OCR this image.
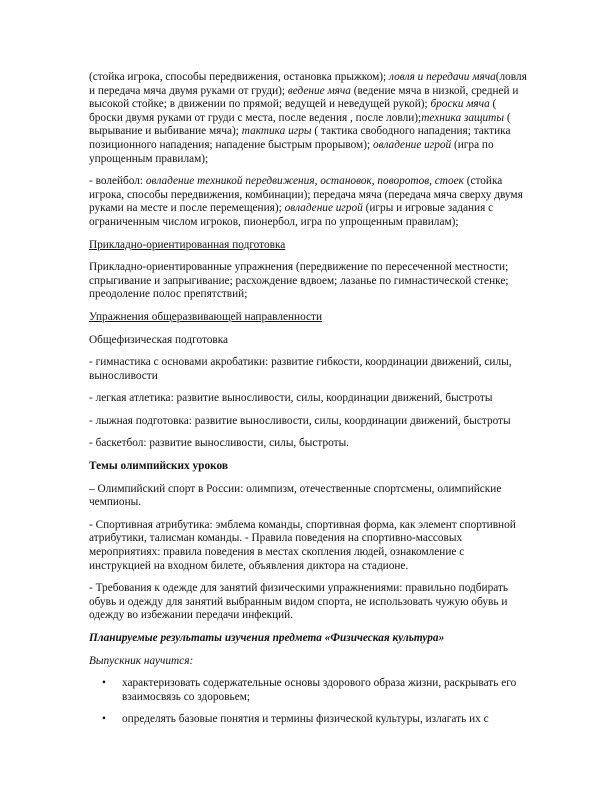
(стойка игрока, способы передвижения, остановка прыжком); ловля и передачи мяча(ловля и передача мяча двумя руками от груди); ведение мяча (ведение мяча в низкой, средней и высокой стойке; в движении по прямой; ведущей и неведущей рукой); броски мяча ( броски двумя руками от груди с места, после ведения , после ловли);техника защиты ( вырывание и выбивание мяча); тактика игры ( тактика свободного нападения; тактика позиционного нападения; нападение быстрым прорывом); овладение игрой (игра по упрощенным правилам);

- волейбол: овладение техникой передвижения, остановок, поворотов, стоек (стойка игрока, способы передвижения, комбинации); передача мяча (передача мяча сверху двумя руками на месте и после перемещения); овладение игрой (игры и игровые задания с ограниченным числом игроков, пионербол, игра по упрощенным правилам);

Прикладно-ориентированная подготовка

Прикладно-ориентированные упражнения (передвижение по пересеченной местности; спрыгивание и запрыгивание; расхождение вдвоем; лазанье по гимнастической стенке; преодоление полос препятствий;

Упражнения общеразвивающей направленности

Общефизическая подготовка

- гимнастика с основами акробатики: развитие гибкости, координации движений, силы, выносливости

- легкая атлетика: развитие выносливости, силы, координации движений, быстроты

- лыжная подготовка: развитие выносливости, силы, координации движений, быстроты

- баскетбол: развитие выносливости, силы, быстроты.

Темы олимпийских уроков

– Олимпийский спорт в России: олимпизм, отечественные спортсмены, олимпийские чемпионы.

- Спортивная атрибутика: эмблема команды, спортивная форма, как элемент спортивной атрибутики, талисман команды. - Правила поведения на спортивно-массовых мероприятиях: правила поведения в местах скопления людей, ознакомление с инструкцией на входном билете, объявления диктора на стадионе.

- Требования к одежде для занятий физическими упражнениями: правильно подбирать обувь и одежду для занятий выбранным видом спорта, не использовать чужую обувь и одежду во избежании передачи инфекций.

Планируемые результаты изучения предмета «Физическая культура»

Выпускник научится:

• характеризовать содержательные основы здорового образа жизни, раскрывать его взаимосвязь со здоровьем;
• определять базовые понятия и термины физической культуры, излагать их с
